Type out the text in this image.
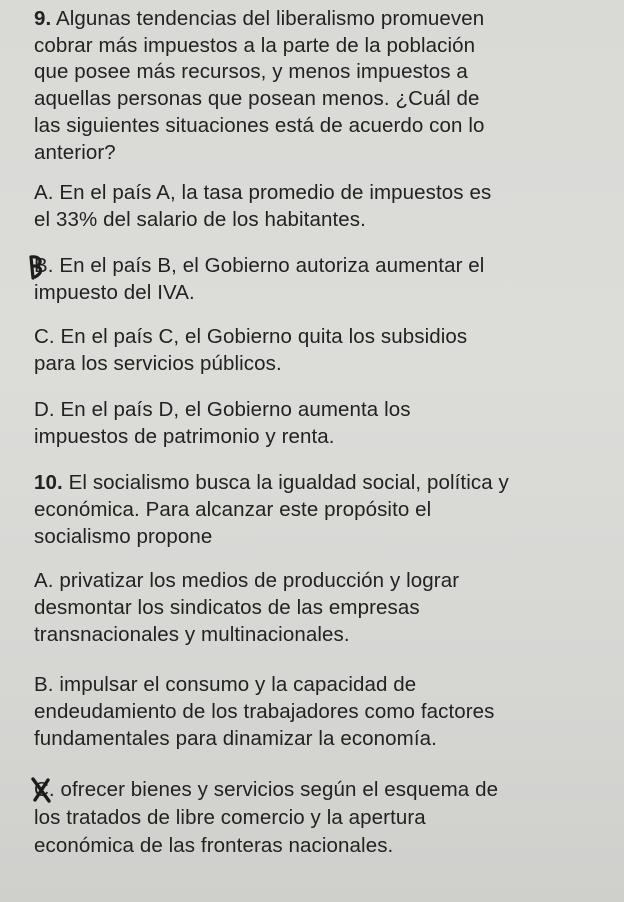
9. Algunas tendencias del liberalismo promueven
cobrar más impuestos a la parte de la población
que posee más recursos, y menos impuestos a
aquellas personas que posean menos. ¿Cuál de
las siguientes situaciones está de acuerdo con lo
anterior?
A. En el país A, la tasa promedio de impuestos es
el 33% del salario de los habitantes.
B. En el país B, el Gobierno autoriza aumentar el
impuesto del IVA.
C. En el país C, el Gobierno quita los subsidios
para los servicios públicos.
D. En el país D, el Gobierno aumenta los
impuestos de patrimonio y renta.
10. El socialismo busca la igualdad social, política y
económica. Para alcanzar este propósito el
socialismo propone
A. privatizar los medios de producción y lograr
desmontar los sindicatos de las empresas
transnacionales y multinacionales.
B. impulsar el consumo y la capacidad de
endeudamiento de los trabajadores como factores
fundamentales para dinamizar la economía.
C. ofrecer bienes y servicios según el esquema de
los tratados de libre comercio y la apertura
económica de las fronteras nacionales.
